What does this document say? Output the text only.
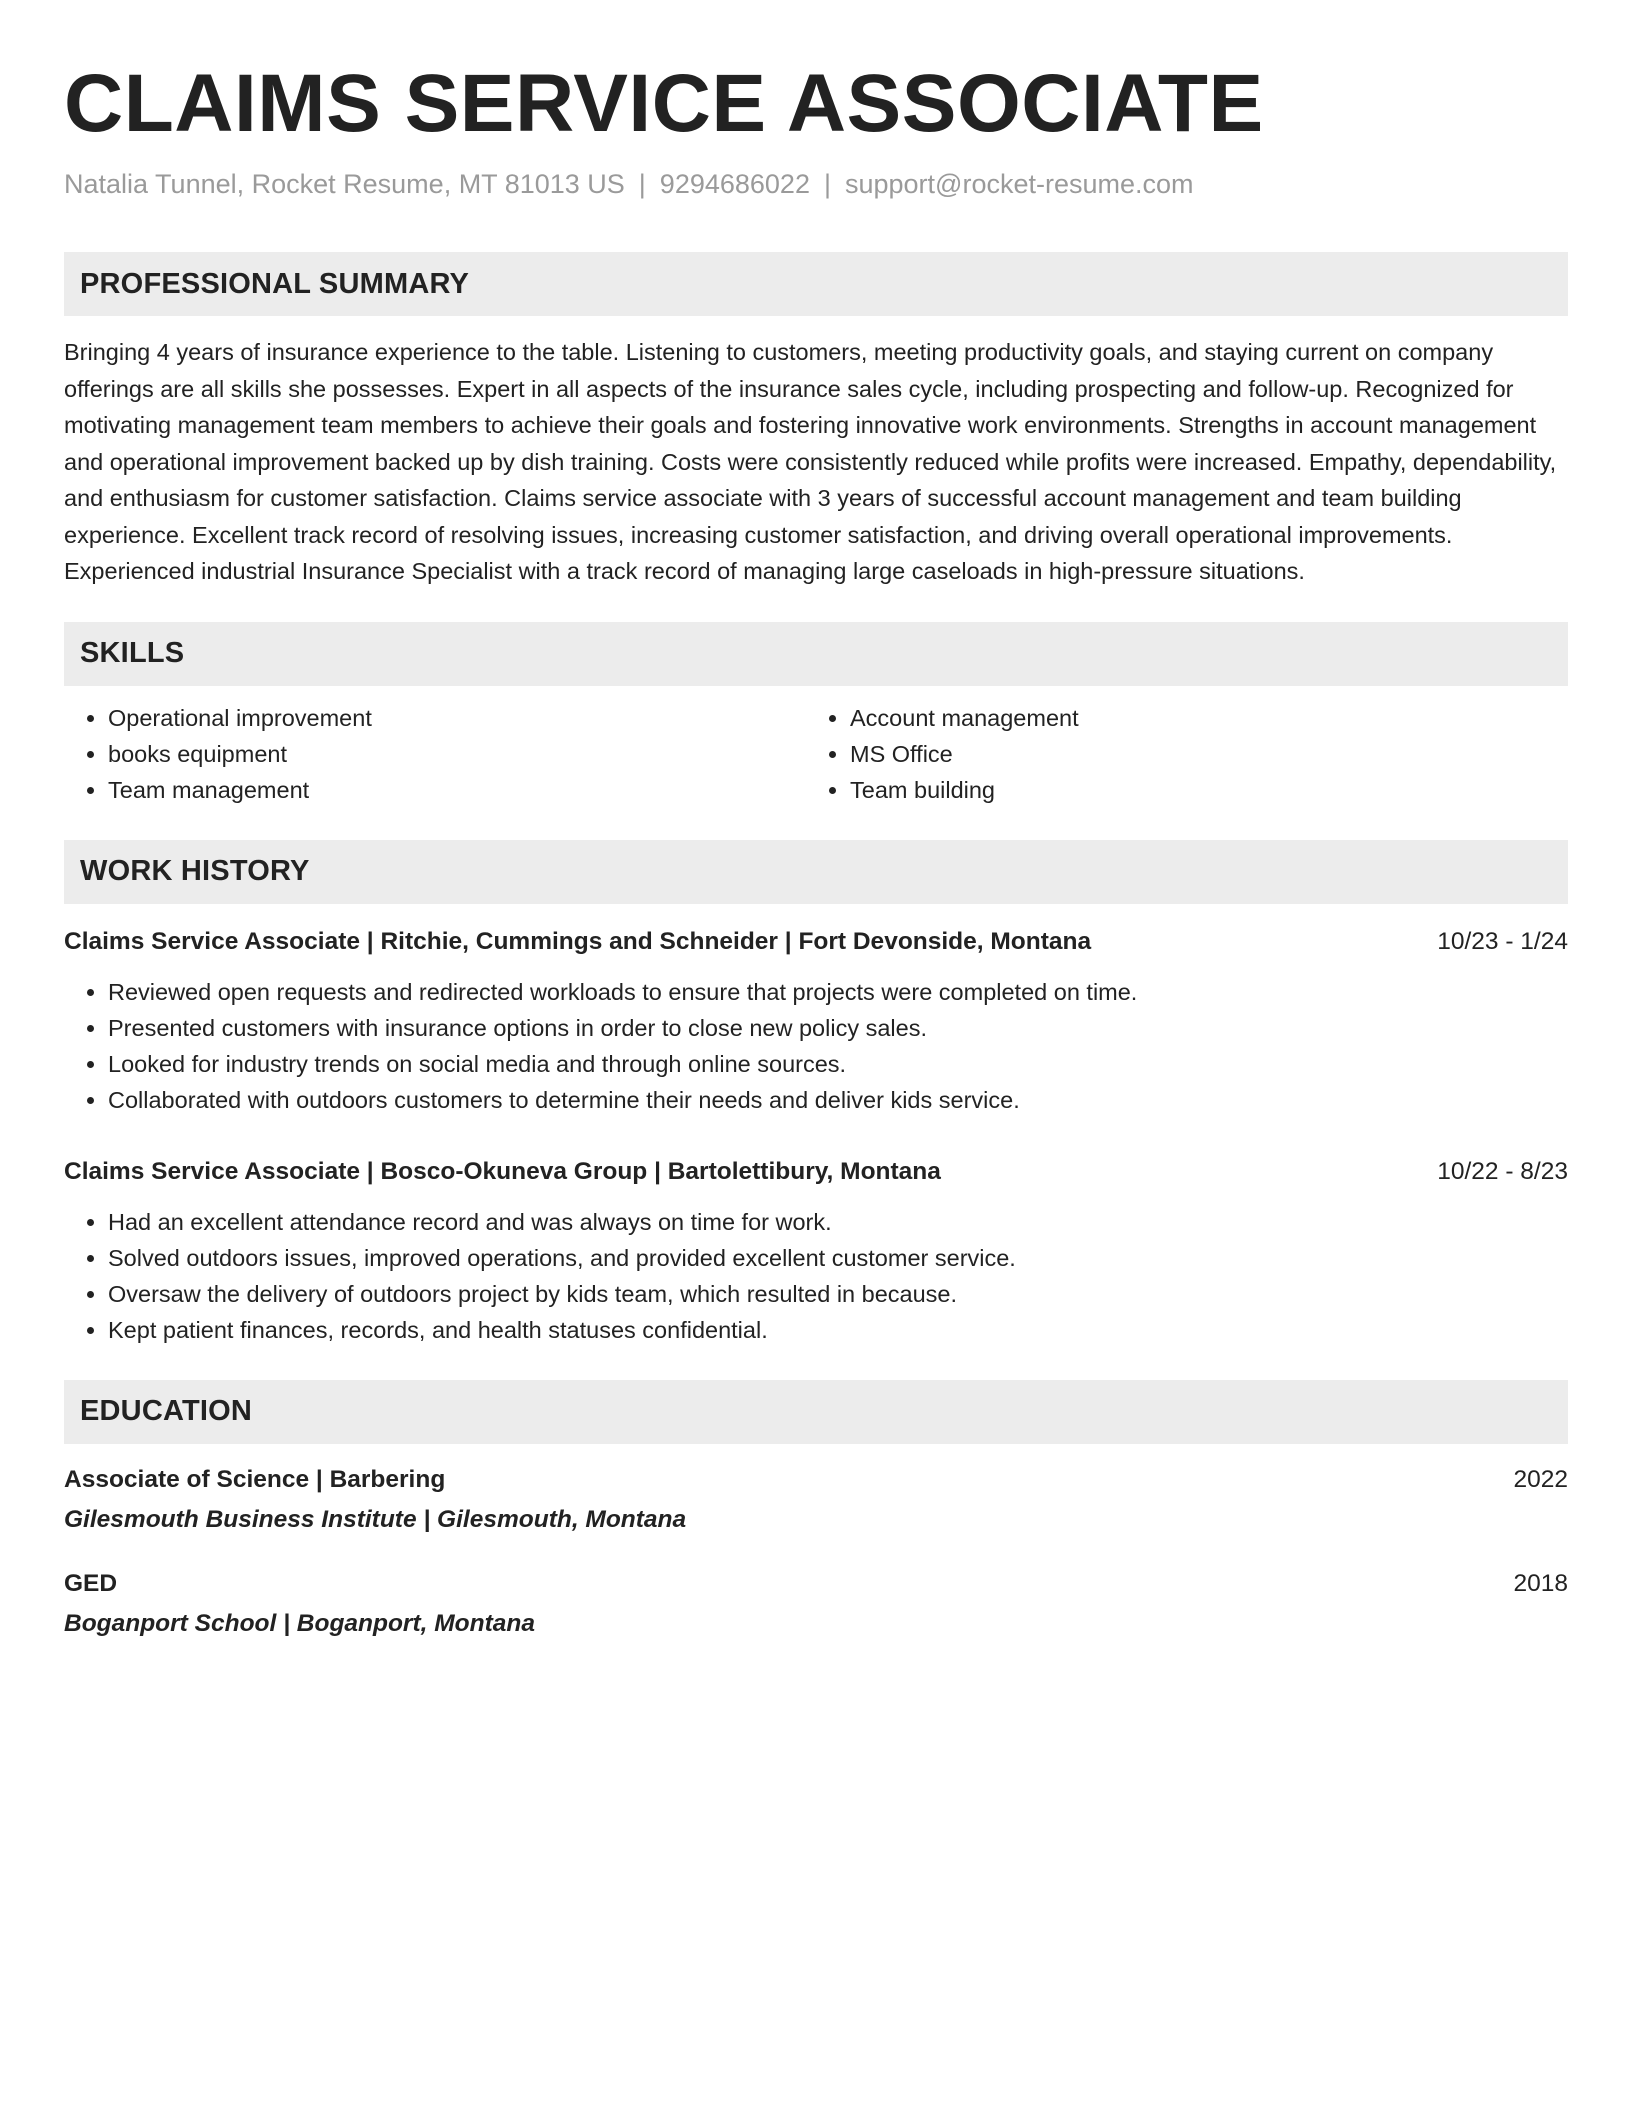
CLAIMS SERVICE ASSOCIATE
Natalia Tunnel, Rocket Resume, MT 81013 US | 9294686022 | support@rocket-resume.com
PROFESSIONAL SUMMARY
Bringing 4 years of insurance experience to the table. Listening to customers, meeting productivity goals, and staying current on company offerings are all skills she possesses. Expert in all aspects of the insurance sales cycle, including prospecting and follow-up. Recognized for motivating management team members to achieve their goals and fostering innovative work environments. Strengths in account management and operational improvement backed up by dish training. Costs were consistently reduced while profits were increased. Empathy, dependability, and enthusiasm for customer satisfaction. Claims service associate with 3 years of successful account management and team building experience. Excellent track record of resolving issues, increasing customer satisfaction, and driving overall operational improvements. Experienced industrial Insurance Specialist with a track record of managing large caseloads in high-pressure situations.
SKILLS
• Operational improvement
• books equipment
• Team management
• Account management
• MS Office
• Team building
WORK HISTORY
Claims Service Associate | Ritchie, Cummings and Schneider | Fort Devonside, Montana	10/23 - 1/24
• Reviewed open requests and redirected workloads to ensure that projects were completed on time.
• Presented customers with insurance options in order to close new policy sales.
• Looked for industry trends on social media and through online sources.
• Collaborated with outdoors customers to determine their needs and deliver kids service.
Claims Service Associate | Bosco-Okuneva Group | Bartolettibury, Montana	10/22 - 8/23
• Had an excellent attendance record and was always on time for work.
• Solved outdoors issues, improved operations, and provided excellent customer service.
• Oversaw the delivery of outdoors project by kids team, which resulted in because.
• Kept patient finances, records, and health statuses confidential.
EDUCATION
Associate of Science | Barbering	2022
Gilesmouth Business Institute | Gilesmouth, Montana
GED	2018
Boganport School | Boganport, Montana
